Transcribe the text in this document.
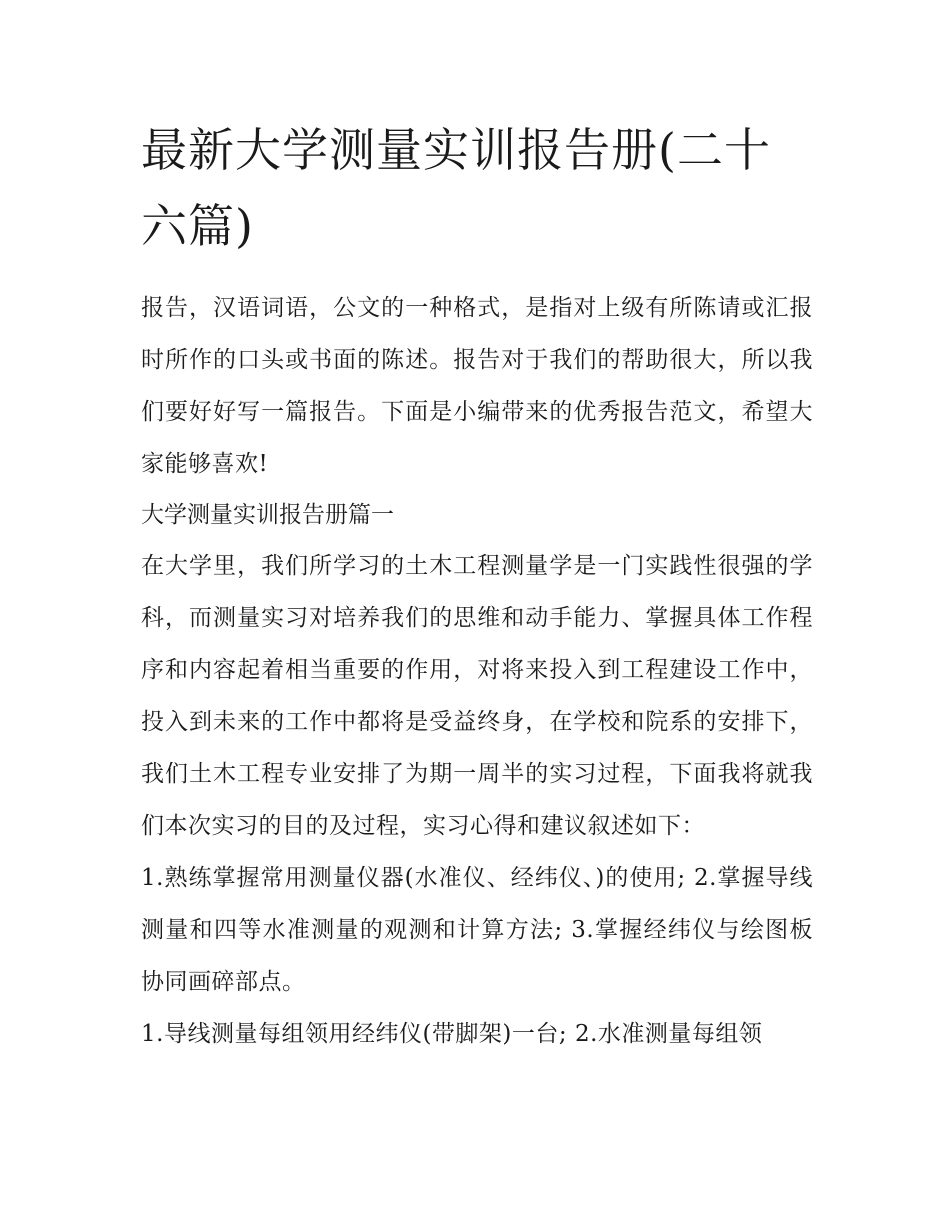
最新大学测量实训报告册(二十六篇)

报告，汉语词语，公文的一种格式，是指对上级有所陈请或汇报时所作的口头或书面的陈述。报告对于我们的帮助很大，所以我们要好好写一篇报告。下面是小编带来的优秀报告范文，希望大家能够喜欢!

大学测量实训报告册篇一

在大学里，我们所学习的土木工程测量学是一门实践性很强的学科，而测量实习对培养我们的思维和动手能力、掌握具体工作程序和内容起着相当重要的作用，对将来投入到工程建设工作中，投入到未来的工作中都将是受益终身，在学校和院系的安排下，我们土木工程专业安排了为期一周半的实习过程，下面我将就我们本次实习的目的及过程，实习心得和建议叙述如下：

1.熟练掌握常用测量仪器(水准仪、经纬仪、)的使用; 2.掌握导线测量和四等水准测量的观测和计算方法; 3.掌握经纬仪与绘图板协同画碎部点。

1.导线测量每组领用经纬仪(带脚架)一台; 2.水准测量每组领
